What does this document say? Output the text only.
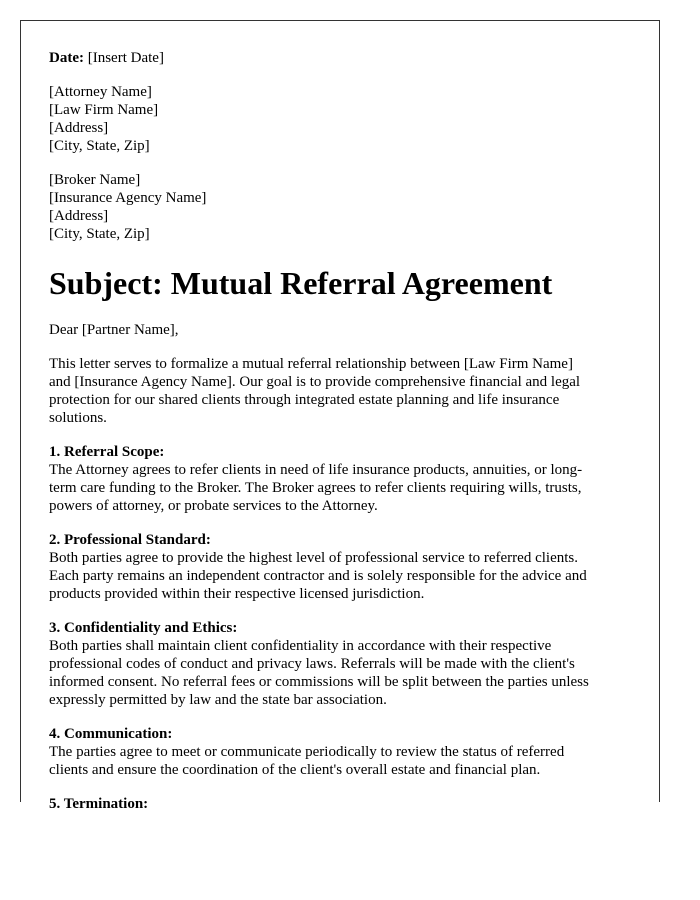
Date: [Insert Date]
[Attorney Name]
[Law Firm Name]
[Address]
[City, State, Zip]
[Broker Name]
[Insurance Agency Name]
[Address]
[City, State, Zip]
Subject: Mutual Referral Agreement

Dear [Partner Name],

This letter serves to formalize a mutual referral relationship between [Law Firm Name]
and [Insurance Agency Name]. Our goal is to provide comprehensive financial and legal
protection for our shared clients through integrated estate planning and life insurance
solutions.
1. Referral Scope:
The Attorney agrees to refer clients in need of life insurance products, annuities, or long-
term care funding to the Broker. The Broker agrees to refer clients requiring wills, trusts,
powers of attorney, or probate services to the Attorney.
2. Professional Standard:
Both parties agree to provide the highest level of professional service to referred clients.
Each party remains an independent contractor and is solely responsible for the advice and
products provided within their respective licensed jurisdiction.
3. Confidentiality and Ethics:
Both parties shall maintain client confidentiality in accordance with their respective
professional codes of conduct and privacy laws. Referrals will be made with the client's
informed consent. No referral fees or commissions will be split between the parties unless
expressly permitted by law and the state bar association.
4. Communication:
The parties agree to meet or communicate periodically to review the status of referred
clients and ensure the coordination of the client's overall estate and financial plan.
5. Termination:
